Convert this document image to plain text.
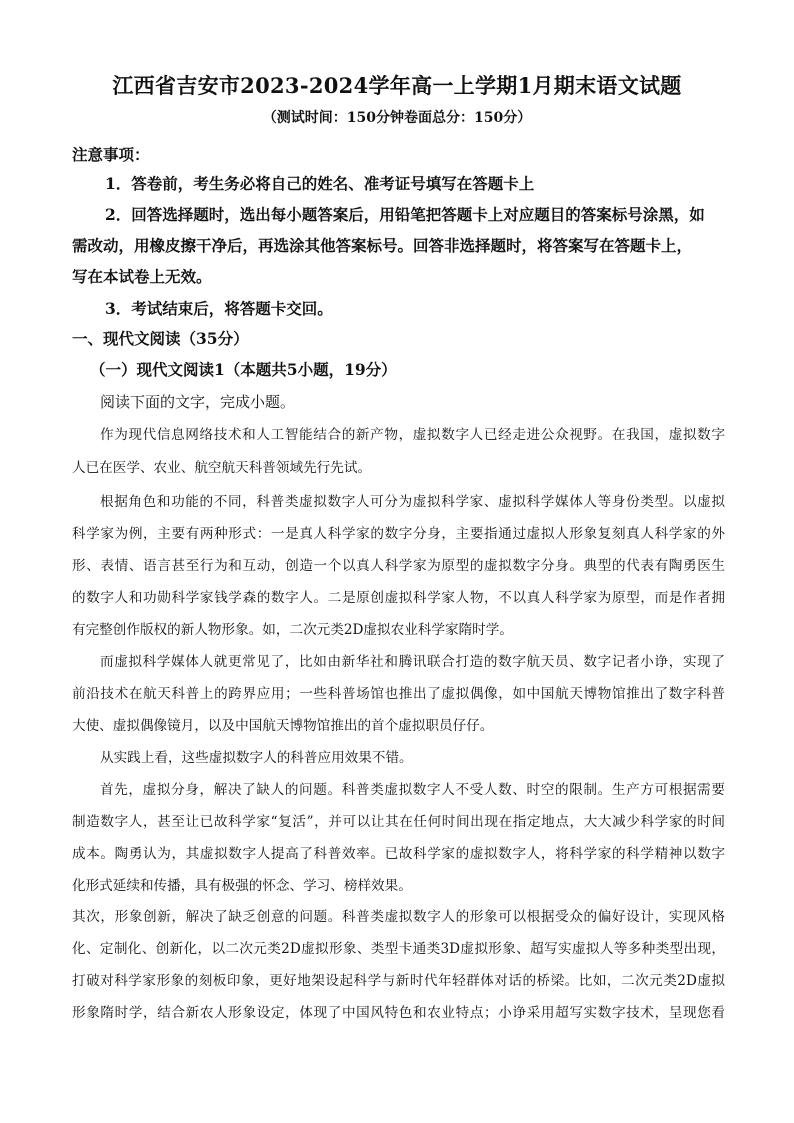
江西省吉安市2023-2024学年高一上学期1月期末语文试题
（测试时间：150分钟卷面总分：150分）
注意事项：
1．答卷前，考生务必将自己的姓名、准考证号填写在答题卡上
2．回答选择题时，选出每小题答案后，用铅笔把答题卡上对应题目的答案标号涂黑，如
需改动，用橡皮擦干净后，再选涂其他答案标号。回答非选择题时，将答案写在答题卡上，
写在本试卷上无效。
3．考试结束后，将答题卡交回。
一、现代文阅读（35分）
（一）现代文阅读1（本题共5小题，19分）
阅读下面的文字，完成小题。
作为现代信息网络技术和人工智能结合的新产物，虚拟数字人已经走进公众视野。在我国，虚拟数字
人已在医学、农业、航空航天科普领域先行先试。
根据角色和功能的不同，科普类虚拟数字人可分为虚拟科学家、虚拟科学媒体人等身份类型。以虚拟
科学家为例，主要有两种形式：一是真人科学家的数字分身，主要指通过虚拟人形象复刻真人科学家的外
形、表情、语言甚至行为和互动，创造一个以真人科学家为原型的虚拟数字分身。典型的代表有陶勇医生
的数字人和功勋科学家钱学森的数字人。二是原创虚拟科学家人物，不以真人科学家为原型，而是作者拥
有完整创作版权的新人物形象。如，二次元类2D虚拟农业科学家隋时学。
而虚拟科学媒体人就更常见了，比如由新华社和腾讯联合打造的数字航天员、数字记者小诤，实现了
前沿技术在航天科普上的跨界应用；一些科普场馆也推出了虚拟偶像，如中国航天博物馆推出了数字科普
大使、虚拟偶像镜月，以及中国航天博物馆推出的首个虚拟职员仔仔。
从实践上看，这些虚拟数字人的科普应用效果不错。
首先，虚拟分身，解决了缺人的问题。科普类虚拟数字人不受人数、时空的限制。生产方可根据需要
制造数字人，甚至让已故科学家“复活”，并可以让其在任何时间出现在指定地点，大大减少科学家的时间
成本。陶勇认为，其虚拟数字人提高了科普效率。已故科学家的虚拟数字人，将科学家的科学精神以数字
化形式延续和传播，具有极强的怀念、学习、榜样效果。
其次，形象创新，解决了缺乏创意的问题。科普类虚拟数字人的形象可以根据受众的偏好设计，实现风格
化、定制化、创新化，以二次元类2D虚拟形象、类型卡通类3D虚拟形象、超写实虚拟人等多种类型出现，
打破对科学家形象的刻板印象，更好地架设起科学与新时代年轻群体对话的桥梁。比如，二次元类2D虚拟
形象隋时学，结合新农人形象设定，体现了中国风特色和农业特点；小诤采用超写实数字技术，呈现您看
